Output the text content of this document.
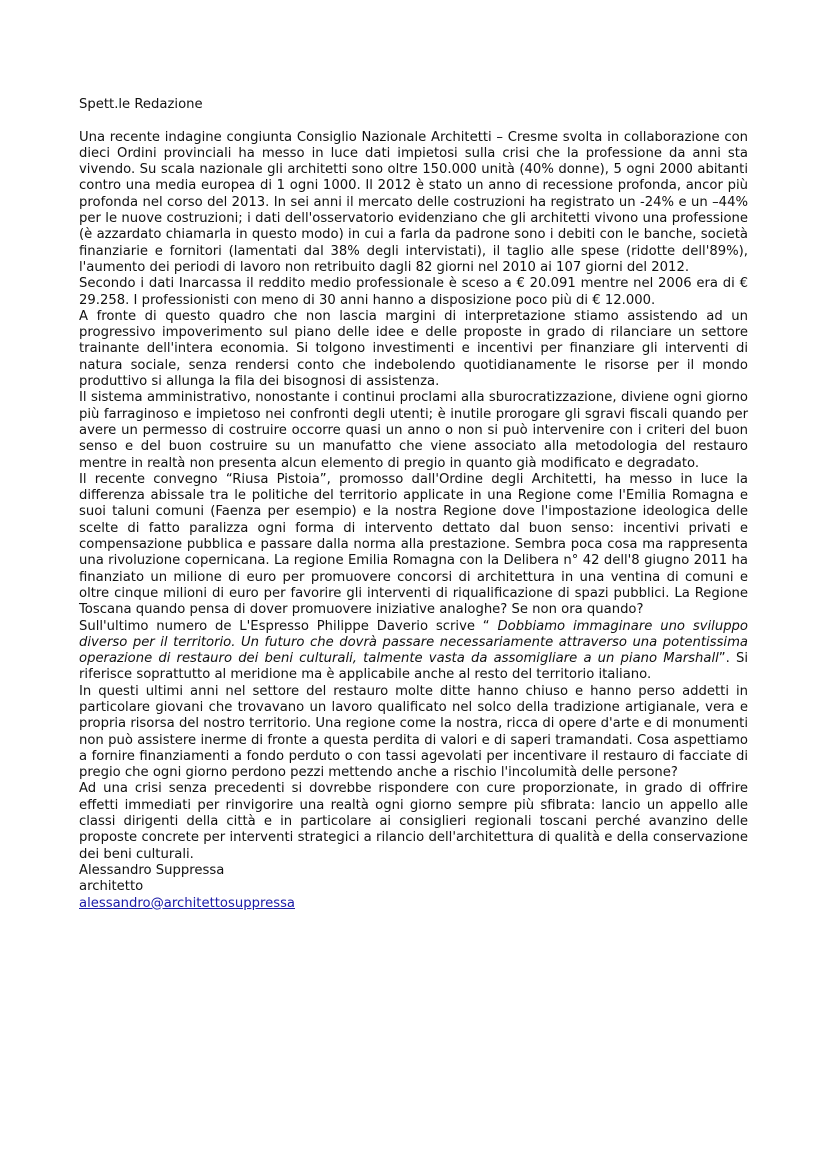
Spett.le Redazione

Una recente indagine congiunta Consiglio Nazionale Architetti – Cresme svolta in collaborazione con dieci Ordini provinciali ha messo in luce dati impietosi sulla crisi che la professione da anni sta vivendo. Su scala nazionale gli architetti sono oltre 150.000 unità (40% donne), 5 ogni 2000 abitanti contro una media europea di 1 ogni 1000. Il 2012 è stato un anno di recessione profonda, ancor più profonda nel corso del 2013. In sei anni il mercato delle costruzioni ha registrato un -24% e un –44% per le nuove costruzioni; i dati dell'osservatorio evidenziano che gli architetti vivono una professione (è azzardato chiamarla in questo modo) in cui a farla da padrone sono i debiti con le banche, società finanziarie e fornitori (lamentati dal 38% degli intervistati), il taglio alle spese (ridotte dell'89%), l'aumento dei periodi di lavoro non retribuito dagli 82 giorni nel 2010 ai 107 giorni del 2012.

Secondo i dati Inarcassa il reddito medio professionale è sceso a € 20.091 mentre nel 2006 era di € 29.258. I professionisti con meno di 30 anni hanno a disposizione poco più di € 12.000.

A fronte di questo quadro che non lascia margini di interpretazione stiamo assistendo ad un progressivo impoverimento sul piano delle idee e delle proposte in grado di rilanciare un settore trainante dell'intera economia. Si tolgono investimenti e incentivi per finanziare gli interventi di natura sociale, senza rendersi conto che indebolendo quotidianamente le risorse per il mondo produttivo si allunga la fila dei bisognosi di assistenza.

Il sistema amministrativo, nonostante i continui proclami alla sburocratizzazione, diviene ogni giorno più farraginoso e impietoso nei confronti degli utenti; è inutile prorogare gli sgravi fiscali quando per avere un permesso di costruire occorre quasi un anno o non si può intervenire con i criteri del buon senso e del buon costruire su un manufatto che viene associato alla metodologia del restauro mentre in realtà non presenta alcun elemento di pregio in quanto già modificato e degradato.

Il recente convegno “Riusa Pistoia”, promosso dall'Ordine degli Architetti, ha messo in luce la differenza abissale tra le politiche del territorio applicate in una Regione come l'Emilia Romagna e suoi taluni comuni (Faenza per esempio) e la nostra Regione dove l'impostazione ideologica delle scelte di fatto paralizza ogni forma di intervento dettato dal buon senso: incentivi privati e compensazione pubblica e passare dalla norma alla prestazione. Sembra poca cosa ma rappresenta una rivoluzione copernicana. La regione Emilia Romagna con la Delibera n° 42 dell'8 giugno 2011 ha finanziato un milione di euro per promuovere concorsi di architettura in una ventina di comuni e oltre cinque milioni di euro per favorire gli interventi di riqualificazione di spazi pubblici. La Regione Toscana quando pensa di dover promuovere iniziative analoghe? Se non ora quando?

Sull'ultimo numero de L'Espresso Philippe Daverio scrive “ Dobbiamo immaginare uno sviluppo diverso per il territorio. Un futuro che dovrà passare necessariamente attraverso una potentissima operazione di restauro dei beni culturali, talmente vasta da assomigliare a un piano Marshall”. Si riferisce soprattutto al meridione ma è applicabile anche al resto del territorio italiano.

In questi ultimi anni nel settore del restauro molte ditte hanno chiuso e hanno perso addetti in particolare giovani che trovavano un lavoro qualificato nel solco della tradizione artigianale, vera e propria risorsa del nostro territorio. Una regione come la nostra, ricca di opere d'arte e di monumenti non può assistere inerme di fronte a questa perdita di valori e di saperi tramandati. Cosa aspettiamo a fornire finanziamenti a fondo perduto o con tassi agevolati per incentivare il restauro di facciate di pregio che ogni giorno perdono pezzi mettendo anche a rischio l'incolumità delle persone?

Ad una crisi senza precedenti si dovrebbe rispondere con cure proporzionate, in grado di offrire effetti immediati per rinvigorire una realtà ogni giorno sempre più sfibrata: lancio un appello alle classi dirigenti della città e in particolare ai consiglieri regionali toscani perché avanzino delle proposte concrete per interventi strategici a rilancio dell'architettura di qualità e della conservazione dei beni culturali.

Alessandro Suppressa

architetto

alessandro@architettosuppressa
